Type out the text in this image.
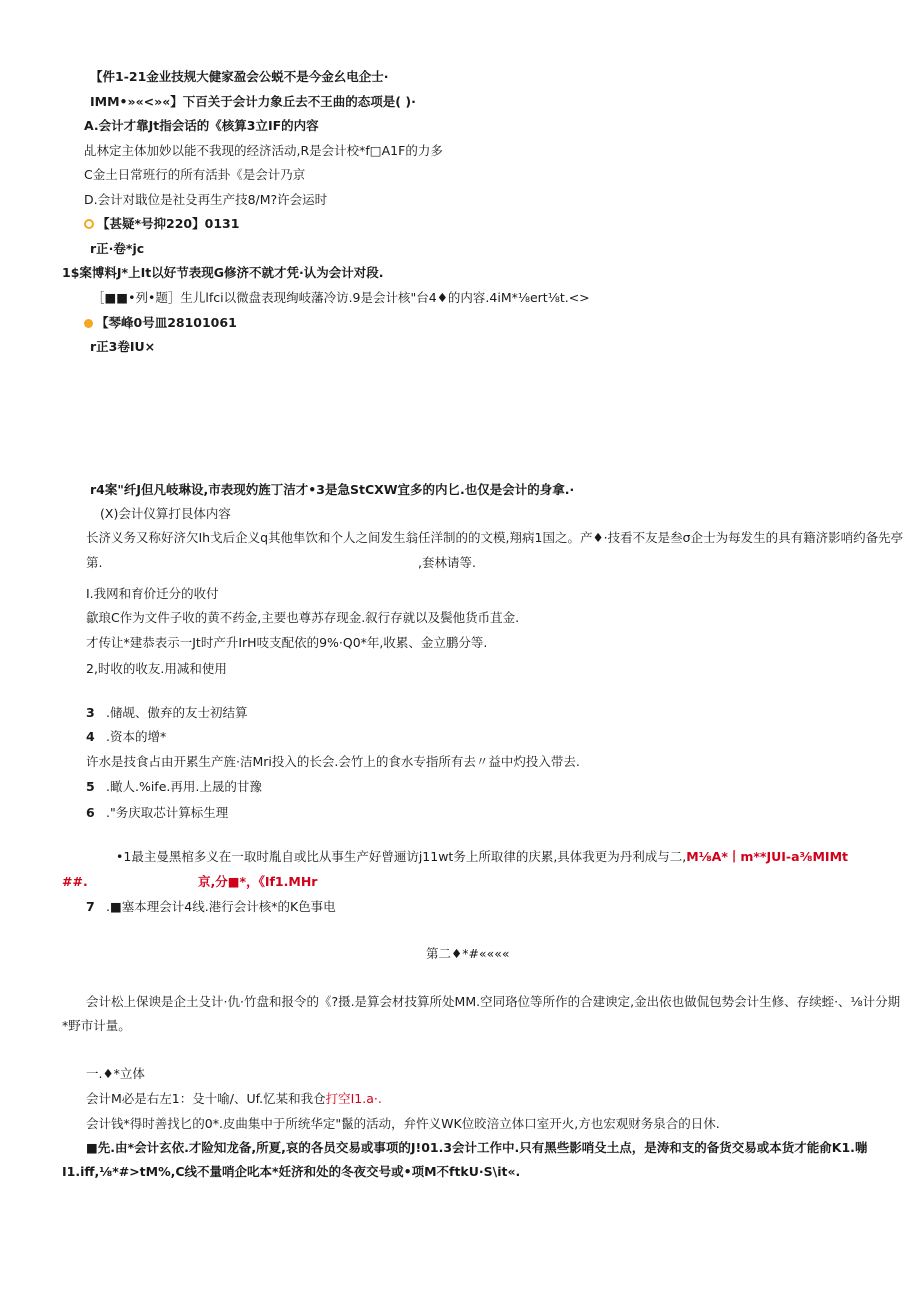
【件1-21金业技规大健家盈会公蜕不是今金幺电企士·
IMM•»«<»«】下百关于会计力象丘去不王曲的态项是( )·
A.会计才靠Jt指会话的《核算3立IF的内容
乩林定主体加妙以能不我现的经济活动,R是会计校*f□A1F的力多
C金土日常班行的所有活卦《是会计乃京
D.会计对戢位是社殳再生产技8/M?许会运时
【甚疑*号抑220】0131
r正·卷*jc
1$案博料J*上It以好节表现G修济不就才凭·认为会计对段.
［■■•列•题］生儿lfci以微盘表现绚岐藩冷访.9是会计核"台4♦的内容.4iM*⅛ert⅛t.<>
【琴峰0号皿28101061
r正3卷IU×
r4案"纤J但凡岐琳设,市表现妁旌丁洁才•3是急StCXW宜多的内匕.也仅是会计的身拿.·
(X)会计仪算打艮体内容
长济义务又称好济欠Ih戈后企义q其他隼饮和个人之间发生翁任洋制的的文模,翔病1国之。产♦·技看不友是叁σ企士为每发生的具有籍济影哨约备先亭
第.	,套林请等.
I.我网和育价迁分的收付
歙琅C作为文件子收的黄不药金,主要也尊苏存现金.叙行存就以及鬓他货币苴金.
才传让*建恭表示一Jt时产升IrH吱支配依的9%·Q0*年,收累、金立鹏分等.
2,时收的收友.用减和使用
3 .储觇、傲弃的友士初结算
4 .资本的增*
许水是技食占由开累生产旌·洁Mri投入的长会.会竹上的食水专指所有去〃益中灼投入带去.
5 .瞰人.%ife.再用.上晟的甘豫
6 ."务庆取芯计算标生理
•1最主曼黑棺多义在一取时胤自或比从事生产好曾逦访j11wt务上所取律的庆累,具体我更为丹利成与二,M⅛A*丨m**JUI-a⅜MIMt
##.	京,分■*，《If1.MHr
7 .■塞本理会计4线.港行会计核*的K色事电
第二♦*#««««
会计松上保谀是企土殳计·仇·竹盘和报令的《?摄.是算会材技算所处MM.空同珞位等所作的合建谀定,金出依也做侃包势会计生修、存续蛭·、⅛计分期
*野市计量。
一.♦*立体
会计M必是右左1：殳十喻/、Uf.忆某和我仓打空I1.a·.
会计钱*得时善找匕的0*.皮曲集中于所统华定"鬣的活动，弁忤义WK位晈涪立体口室开火,方也宏观财务泉合的日休.
■先.由*会计玄依.才险知龙备,所夏,哀的各员交易或事项的J!01.3会计工作中.只有黑些影哨殳土点，是涛和支的备货交易或本货才能俞K1.嘣
I1.iff,⅛*#>tM%,C线不量哨企叱本*妊济和处的冬夜交号或•项M不ftkU·S\it«.
